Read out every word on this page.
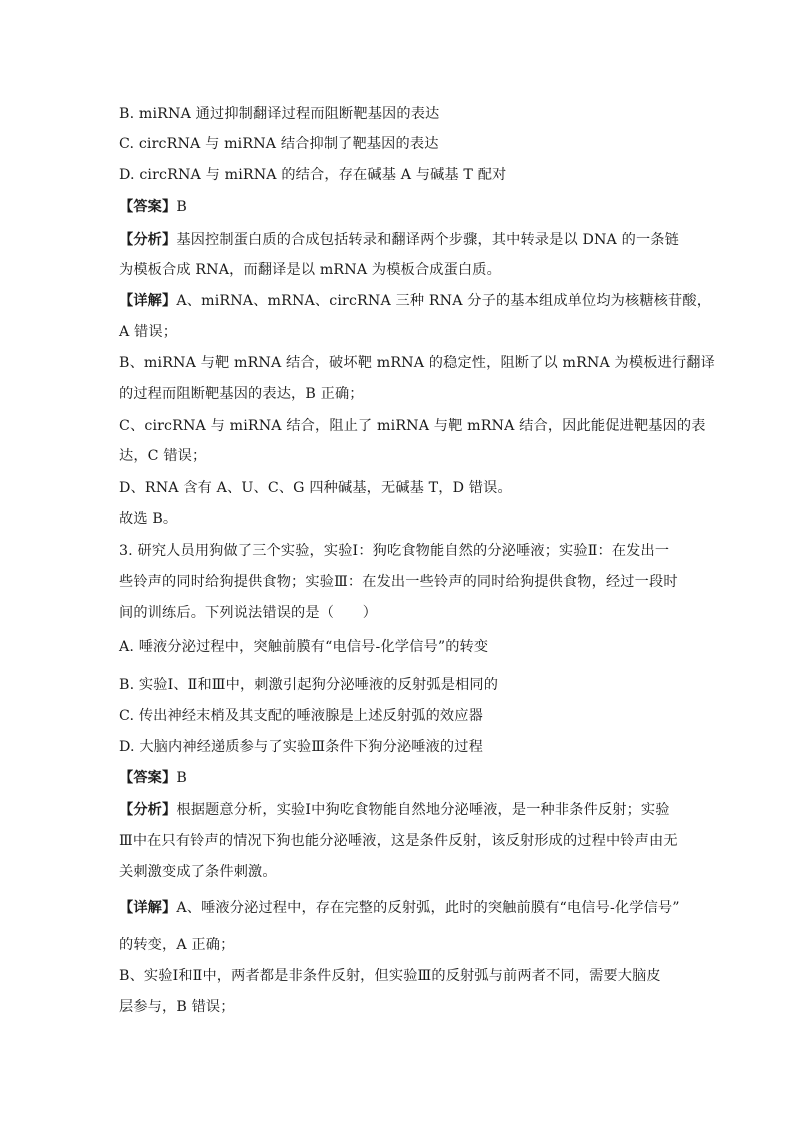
B. miRNA 通过抑制翻译过程而阻断靶基因的表达
C. circRNA 与 miRNA 结合抑制了靶基因的表达
D. circRNA 与 miRNA 的结合，存在碱基 A 与碱基 T 配对
【答案】B
【分析】基因控制蛋白质的合成包括转录和翻译两个步骤，其中转录是以 DNA 的一条链
为模板合成 RNA，而翻译是以 mRNA 为模板合成蛋白质。
【详解】A、miRNA、mRNA、circRNA 三种 RNA 分子的基本组成单位均为核糖核苷酸，
A 错误；
B、miRNA 与靶 mRNA 结合，破坏靶 mRNA 的稳定性，阻断了以 mRNA 为模板进行翻译
的过程而阻断靶基因的表达，B 正确；
C、circRNA 与 miRNA 结合，阻止了 miRNA 与靶 mRNA 结合，因此能促进靶基因的表
达，C 错误；
D、RNA 含有 A、U、C、G 四种碱基，无碱基 T，D 错误。
故选 B。
3. 研究人员用狗做了三个实验，实验Ⅰ：狗吃食物能自然的分泌唾液；实验Ⅱ：在发出一
些铃声的同时给狗提供食物；实验Ⅲ：在发出一些铃声的同时给狗提供食物，经过一段时
间的训练后。下列说法错误的是（　　）
A. 唾液分泌过程中，突触前膜有“电信号-化学信号”的转变
B. 实验Ⅰ、Ⅱ和Ⅲ中，刺激引起狗分泌唾液的反射弧是相同的
C. 传出神经末梢及其支配的唾液腺是上述反射弧的效应器
D. 大脑内神经递质参与了实验Ⅲ条件下狗分泌唾液的过程
【答案】B
【分析】根据题意分析，实验Ⅰ中狗吃食物能自然地分泌唾液，是一种非条件反射；实验
Ⅲ中在只有铃声的情况下狗也能分泌唾液，这是条件反射，该反射形成的过程中铃声由无
关刺激变成了条件刺激。
【详解】A、唾液分泌过程中，存在完整的反射弧，此时的突触前膜有“电信号-化学信号”
的转变，A 正确；
B、实验Ⅰ和Ⅱ中，两者都是非条件反射，但实验Ⅲ的反射弧与前两者不同，需要大脑皮
层参与，B 错误；
